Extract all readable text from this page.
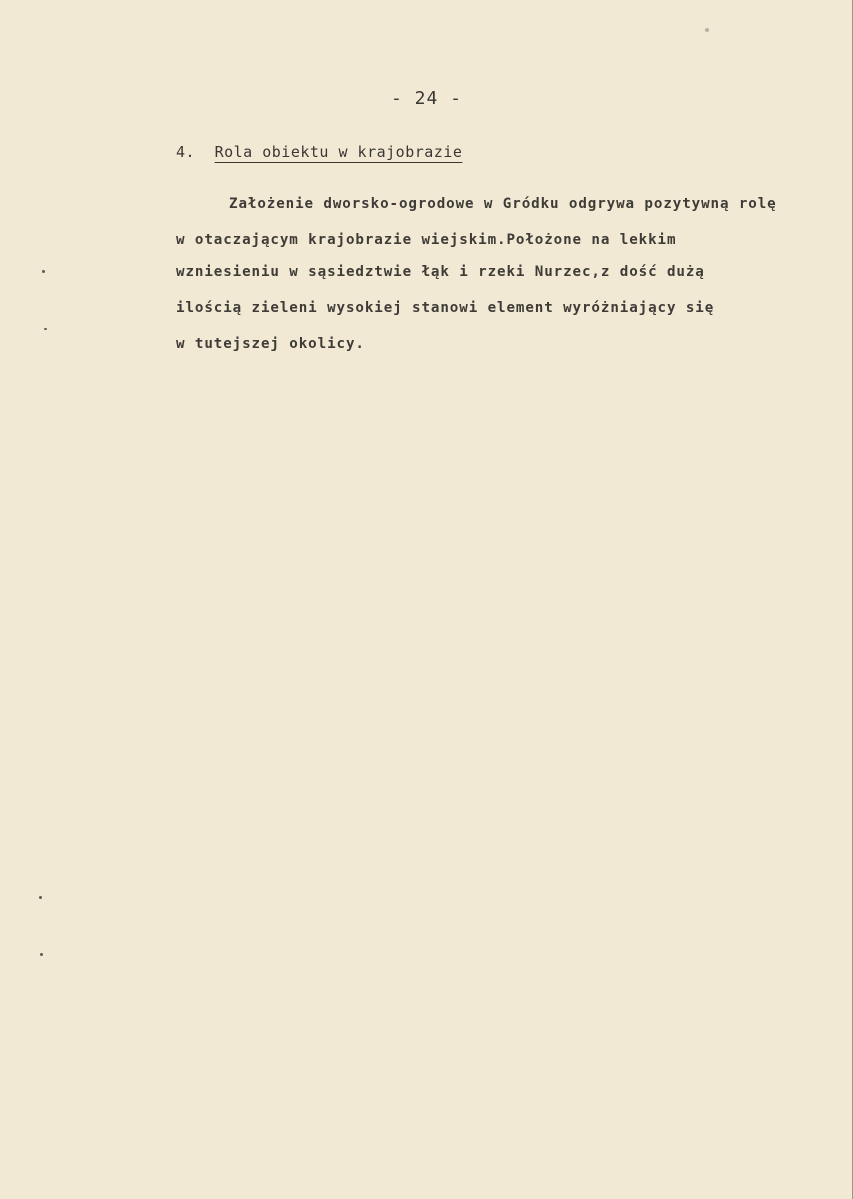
- 24 -
4. Rola obiektu w krajobrazie
Założenie dworsko-ogrodowe w Gródku odgrywa pozytywną rolę
w otaczającym krajobrazie wiejskim.Położone na lekkim
wzniesieniu w sąsiedztwie łąk i rzeki Nurzec,z dość dużą
ilością zieleni wysokiej stanowi element wyróżniający się
w tutejszej okolicy.
